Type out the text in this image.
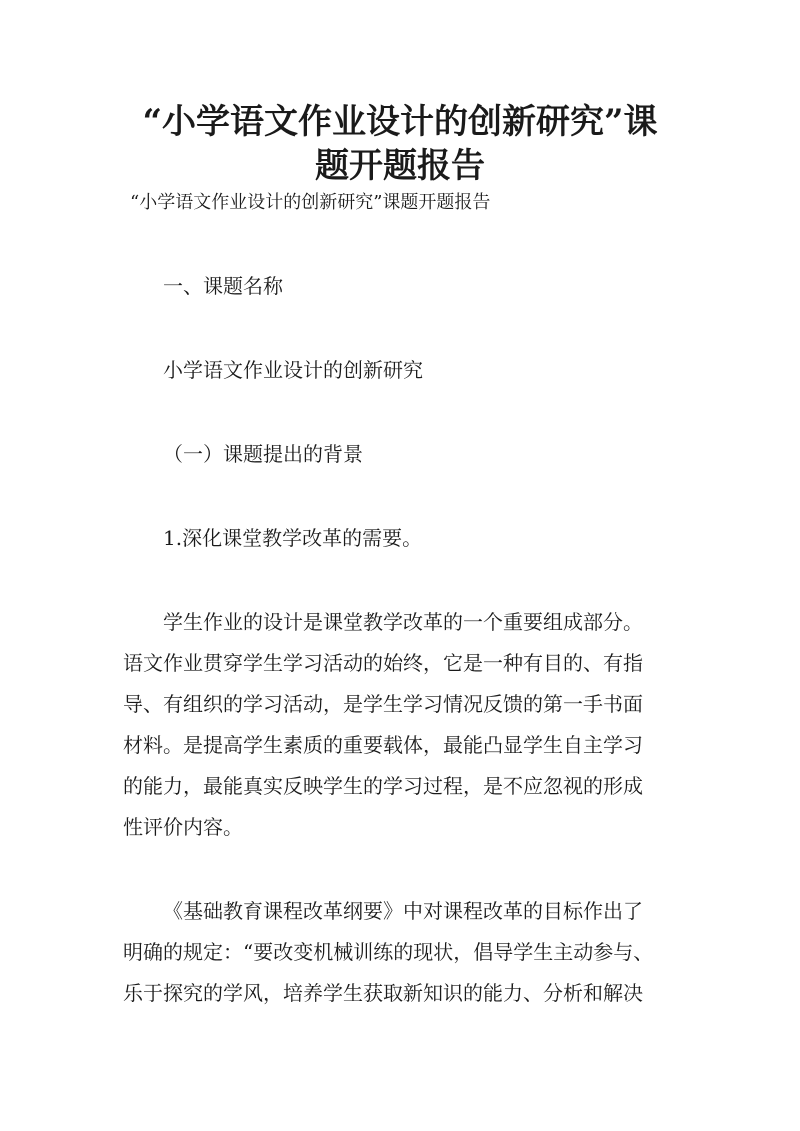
“小学语文作业设计的创新研究”课
题开题报告
“小学语文作业设计的创新研究”课题开题报告
一、课题名称
小学语文作业设计的创新研究
（一）课题提出的背景
1.深化课堂教学改革的需要。
学生作业的设计是课堂教学改革的一个重要组成部分。
语文作业贯穿学生学习活动的始终，它是一种有目的、有指
导、有组织的学习活动，是学生学习情况反馈的第一手书面
材料。是提高学生素质的重要载体，最能凸显学生自主学习
的能力，最能真实反映学生的学习过程，是不应忽视的形成
性评价内容。
《基础教育课程改革纲要》中对课程改革的目标作出了
明确的规定：“要改变机械训练的现状，倡导学生主动参与、
乐于探究的学风，培养学生获取新知识的能力、分析和解决
